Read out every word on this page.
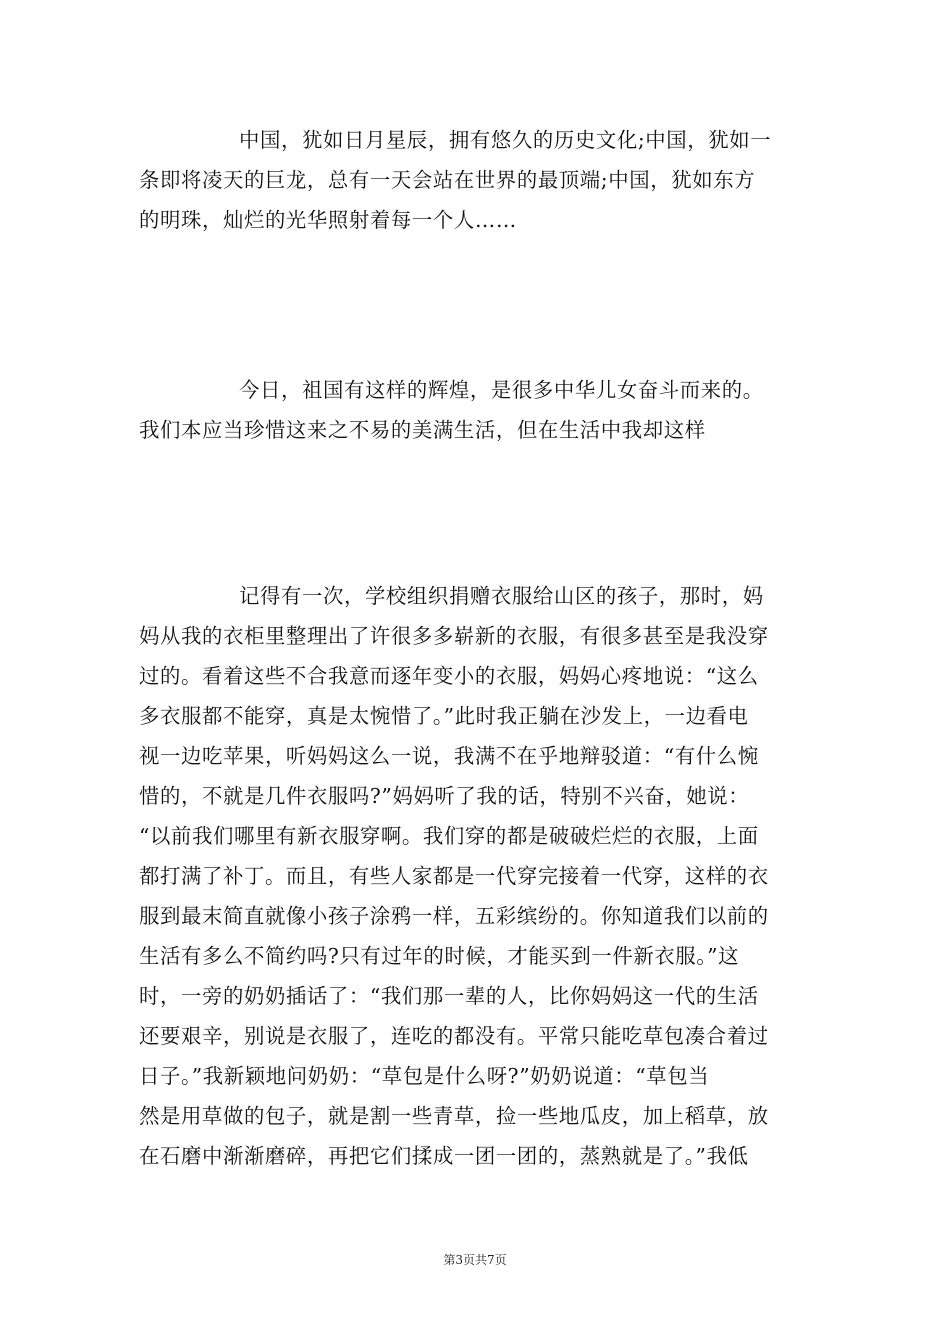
中国，犹如日月星辰，拥有悠久的历史文化;中国，犹如一
条即将凌天的巨龙，总有一天会站在世界的最顶端;中国，犹如东方
的明珠，灿烂的光华照射着每一个人……
今日，祖国有这样的辉煌，是很多中华儿女奋斗而来的。
我们本应当珍惜这来之不易的美满生活，但在生活中我却这样
记得有一次，学校组织捐赠衣服给山区的孩子，那时，妈
妈从我的衣柜里整理出了许很多多崭新的衣服，有很多甚至是我没穿
过的。看着这些不合我意而逐年变小的衣服，妈妈心疼地说：“这么
多衣服都不能穿，真是太惋惜了。”此时我正躺在沙发上，一边看电
视一边吃苹果，听妈妈这么一说，我满不在乎地辩驳道：“有什么惋
惜的，不就是几件衣服吗?”妈妈听了我的话，特别不兴奋，她说：
“以前我们哪里有新衣服穿啊。我们穿的都是破破烂烂的衣服，上面
都打满了补丁。而且，有些人家都是一代穿完接着一代穿，这样的衣
服到最末简直就像小孩子涂鸦一样，五彩缤纷的。你知道我们以前的
生活有多么不简约吗?只有过年的时候，才能买到一件新衣服。”这
时，一旁的奶奶插话了：“我们那一辈的人，比你妈妈这一代的生活
还要艰辛，别说是衣服了，连吃的都没有。平常只能吃草包凑合着过
日子。”我新颖地问奶奶：“草包是什么呀?”奶奶说道：“草包当
然是用草做的包子，就是割一些青草，捡一些地瓜皮，加上稻草，放
在石磨中渐渐磨碎，再把它们揉成一团一团的，蒸熟就是了。”我低
第3页共7页
